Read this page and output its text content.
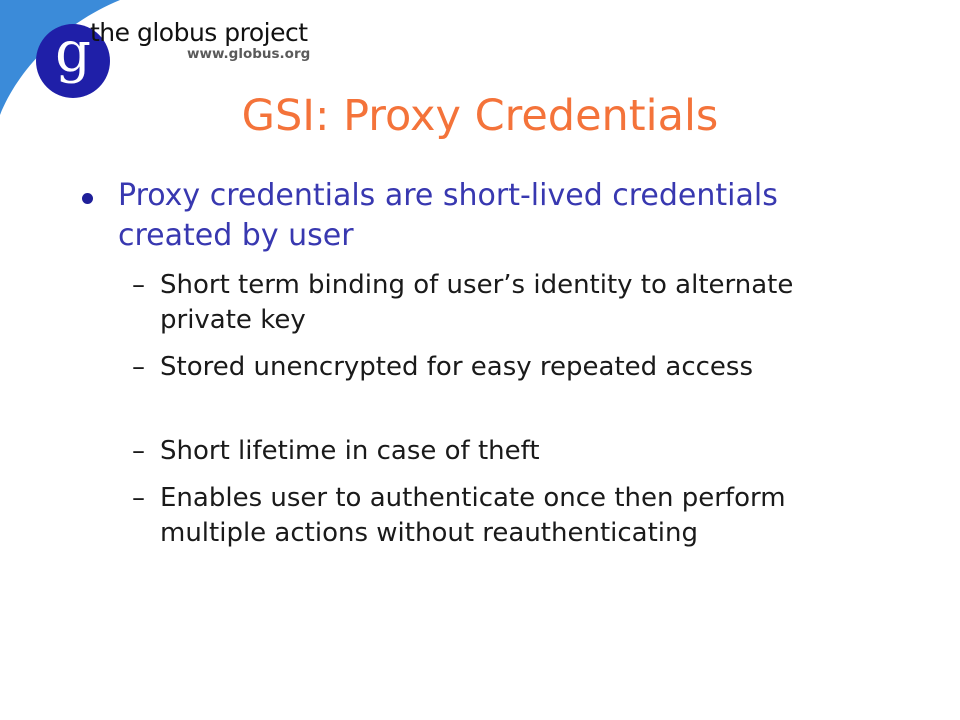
g the globus project
www.globus.org
GSI: Proxy Credentials

Proxy credentials are short-lived credentials created by user

– Short term binding of user’s identity to alternate private key
– Stored unencrypted for easy repeated access
– Short lifetime in case of theft
– Enables user to authenticate once then perform multiple actions without reauthenticating
